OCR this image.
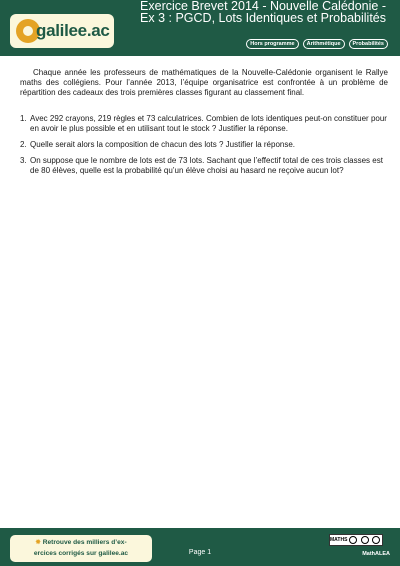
galilee.ac
Exercice Brevet 2014 - Nouvelle Calédonie - Ex 3 : PGCD, Lots Identiques et Probabilités
Hors programme	Arithmétique	Probabilités

Chaque année les professeurs de mathématiques de la Nouvelle-Calédonie organisent le Rallye maths des collégiens. Pour l’année 2013, l’équipe organisatrice est confrontée à un problème de répartition des cadeaux des trois premières classes figurant au classement final.

1. Avec 292 crayons, 219 règles et 73 calculatrices. Combien de lots identiques peut-on constituer pour en avoir le plus possible et en utilisant tout le stock ? Justifier la réponse.
2. Quelle serait alors la composition de chacun des lots ? Justifier la réponse.
3. On suppose que le nombre de lots est de 73 lots. Sachant que l’effectif total de ces trois classes est de 80 élèves, quelle est la probabilité qu’un élève choisi au hasard ne reçoive aucun lot?
✸ Retrouve des milliers d’ex-
ercices corrigés sur galilee.ac	Page 1
MATHS
MathALEA
